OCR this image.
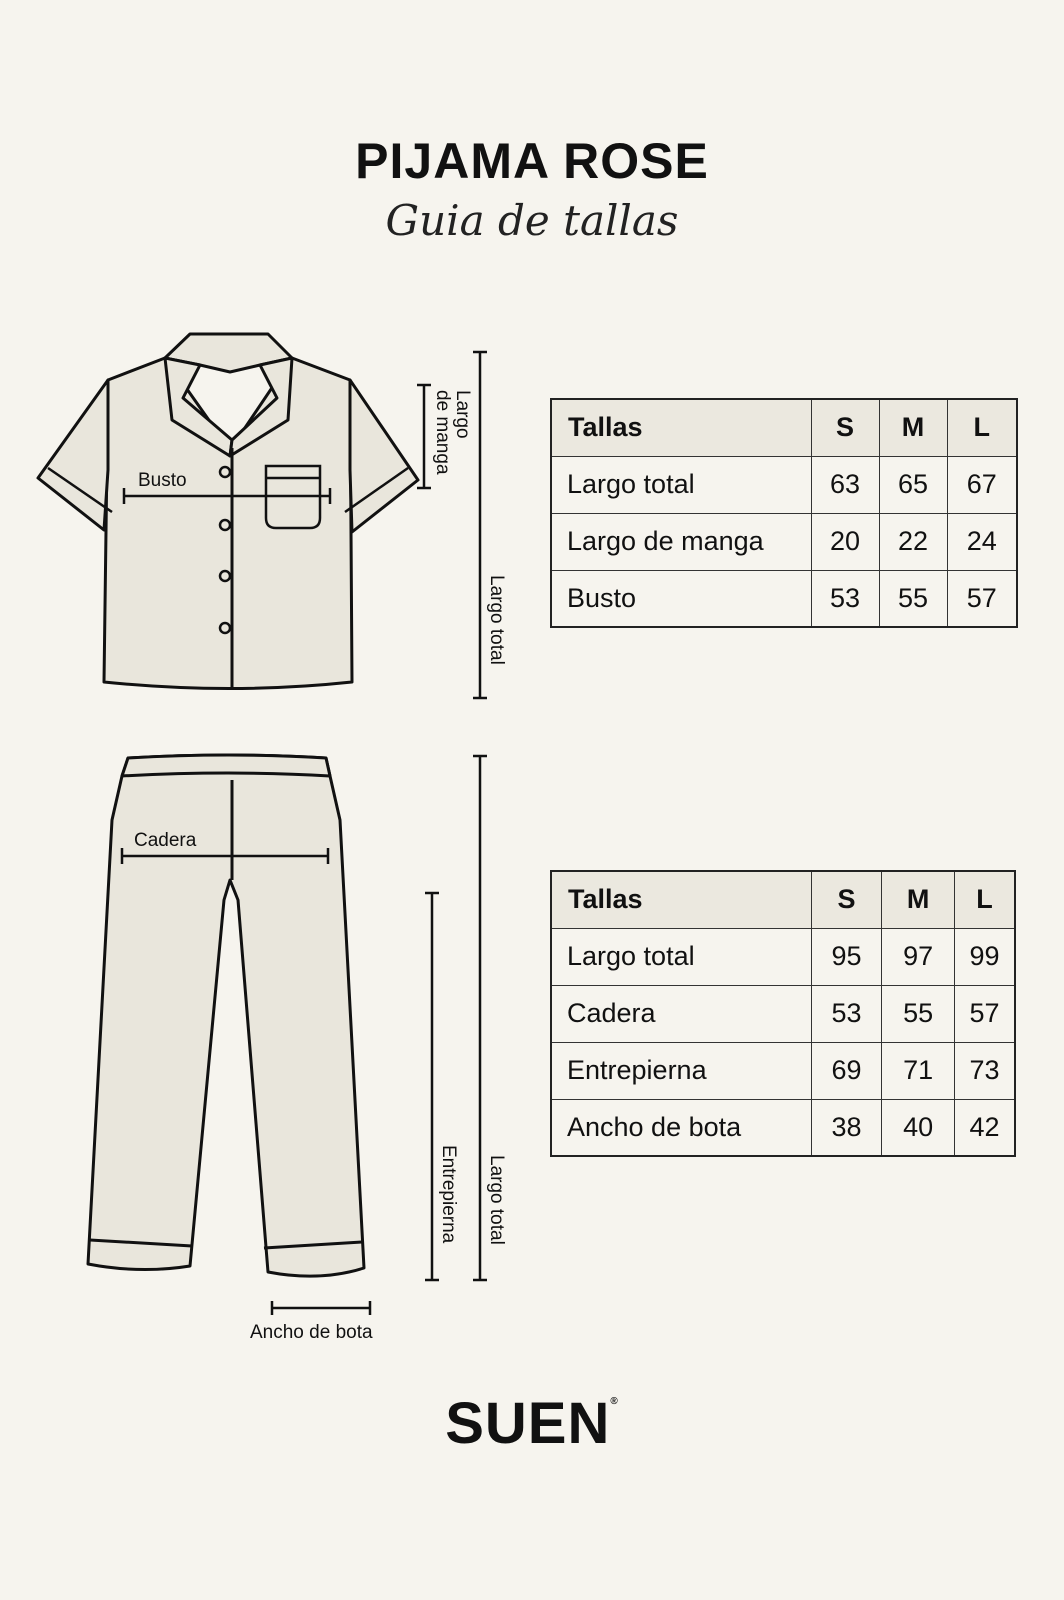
PIJAMA ROSE
Guia de tallas
Busto
Largo
de manga
Largo total
Cadera
Entrepierna Largo total
Ancho de bota
Tallas	S	M	L
Largo total	63	65	67
Largo de manga	20	22	24
Busto	53	55	57
Tallas	S	M	L
Largo total	95	97	99
Cadera	53	55	57
Entrepierna	69	71	73
Ancho de bota	38	40	42
SUEN®
